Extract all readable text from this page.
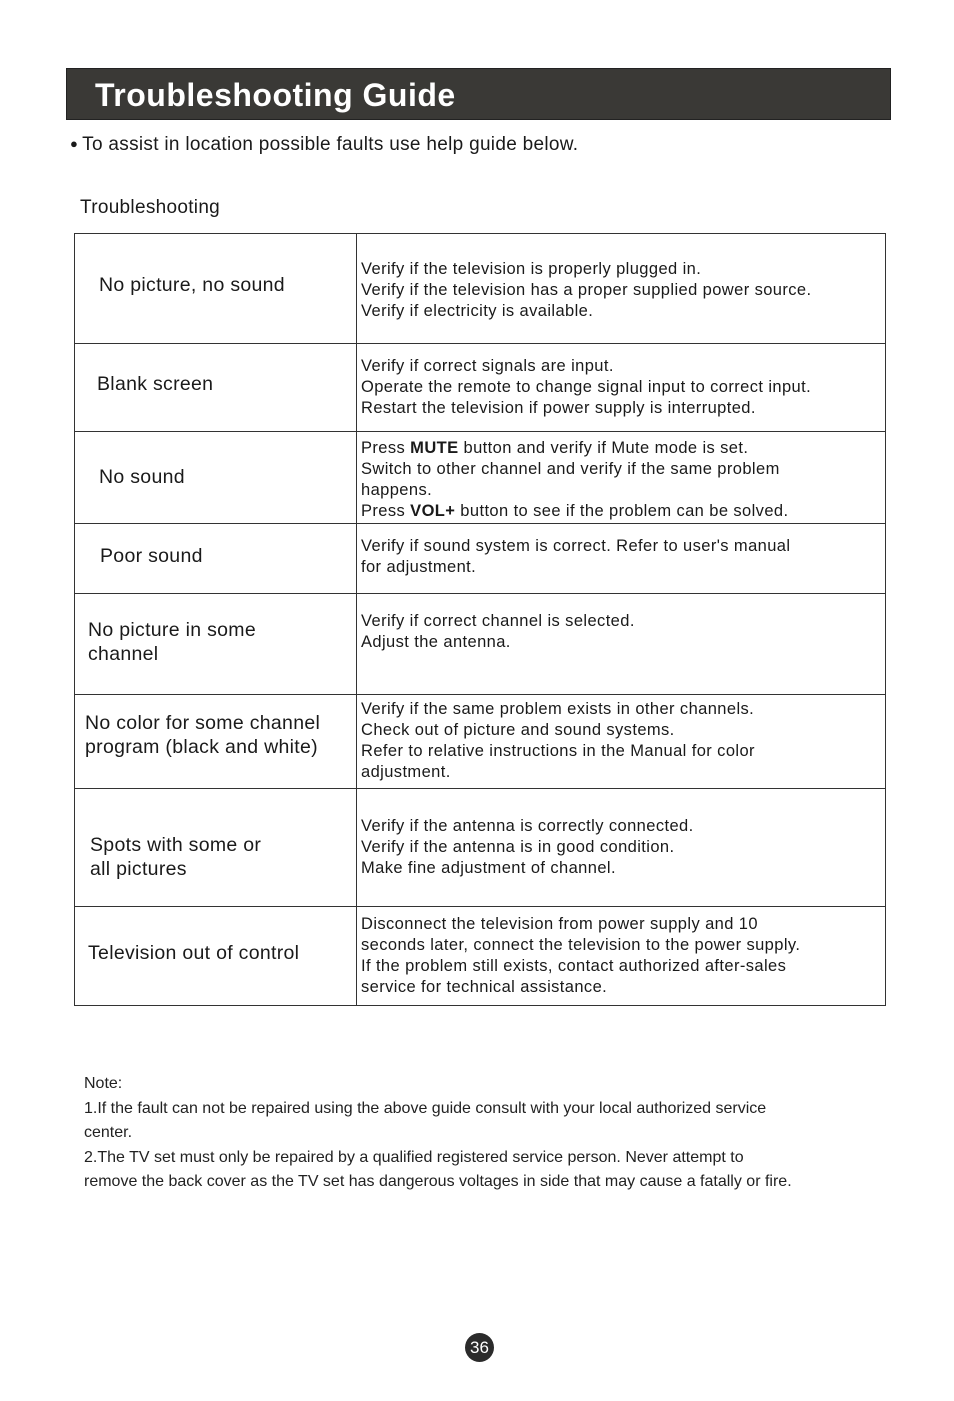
Troubleshooting Guide
● To assist in location possible faults use help guide below.
Troubleshooting
No picture, no sound	Verify if the television is properly plugged in.
Verify if the television has a proper supplied power source.
Verify if electricity is available.

Blank screen	Verify if correct signals are input.
Operate the remote to change signal input to correct input.
Restart the television if power supply is interrupted.

No sound	Press MUTE button and verify if Mute mode is set.
Switch to other channel and verify if the same problem
happens.
Press VOL+ button to see if the problem can be solved.

Poor sound	Verify if sound system is correct. Refer to user's manual
for adjustment.

No picture in some
channel	Verify if correct channel is selected.
Adjust the antenna.

No color for some channel
program (black and white)	Verify if the same problem exists in other channels.
Check out of picture and sound systems.
Refer to relative instructions in the Manual for color
adjustment.

Spots with some or
all pictures	Verify if the antenna is correctly connected.
Verify if the antenna is in good condition.
Make fine adjustment of channel.

Television out of control	Disconnect the television from power supply and 10
seconds later, connect the television to the power supply.
If the problem still exists, contact authorized after-sales
service for technical assistance.
Note:
1.If the fault can not be repaired using the above guide consult with your local authorized service
center.
2.The TV set must only be repaired by a qualified registered service person. Never attempt to
remove the back cover as the TV set has dangerous voltages in side that may cause a fatally or fire.
36
